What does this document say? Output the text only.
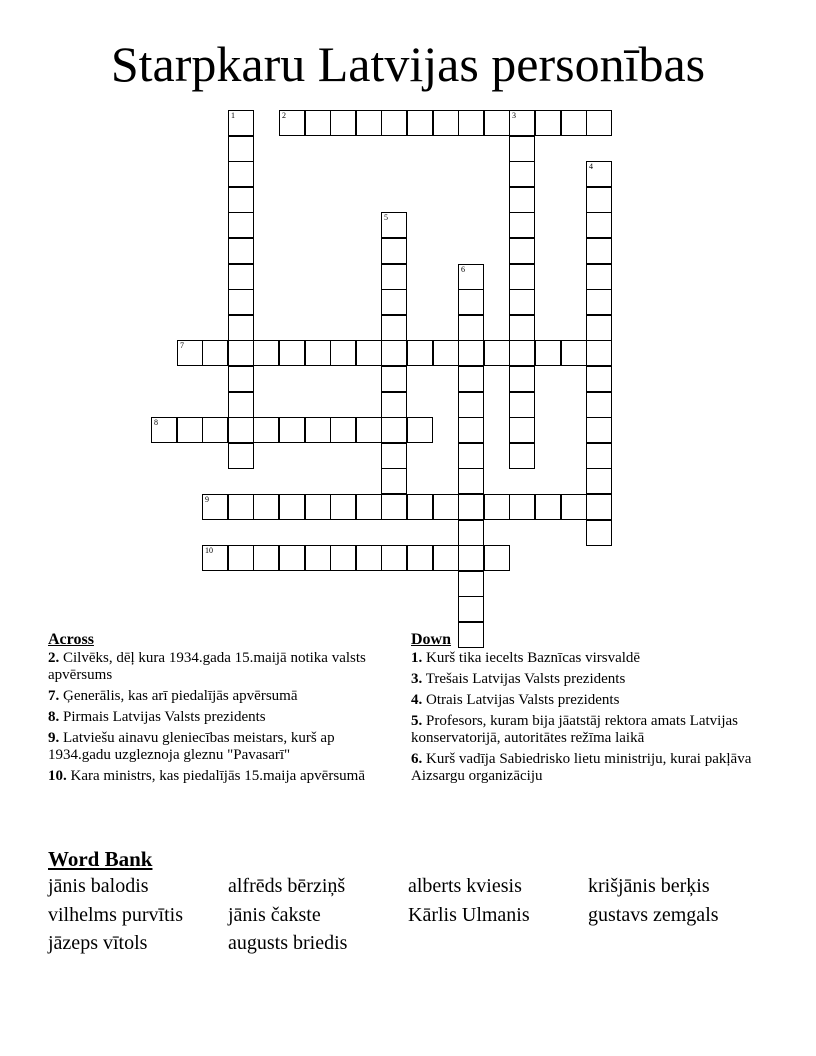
Starpkaru Latvijas personības
1	2	3
4
5
6
7
8
9
10
Across
2. Cilvēks, dēļ kura 1934.gada 15.maijā notika valsts apvērsums
7. Ģenerālis, kas arī piedalījās apvērsumā
8. Pirmais Latvijas Valsts prezidents
9. Latviešu ainavu gleniecības meistars, kurš ap 1934.gadu uzgleznoja gleznu "Pavasarī"
10. Kara ministrs, kas piedalījās 15.maija apvērsumā
Down
1. Kurš tika iecelts Baznīcas virsvaldē
3. Trešais Latvijas Valsts prezidents
4. Otrais Latvijas Valsts prezidents
5. Profesors, kuram bija jāatstāj rektora amats Latvijas konservatorijā, autoritātes režīma laikā
6. Kurš vadīja Sabiedrisko lietu ministriju, kurai pakļāva Aizsargu organizāciju
Word Bank
jānis balodis	alfrēds bērziņš	alberts kviesis	krišjānis berķis
vilhelms purvītis	jānis čakste	Kārlis Ulmanis	gustavs zemgals
jāzeps vītols	augusts briedis
